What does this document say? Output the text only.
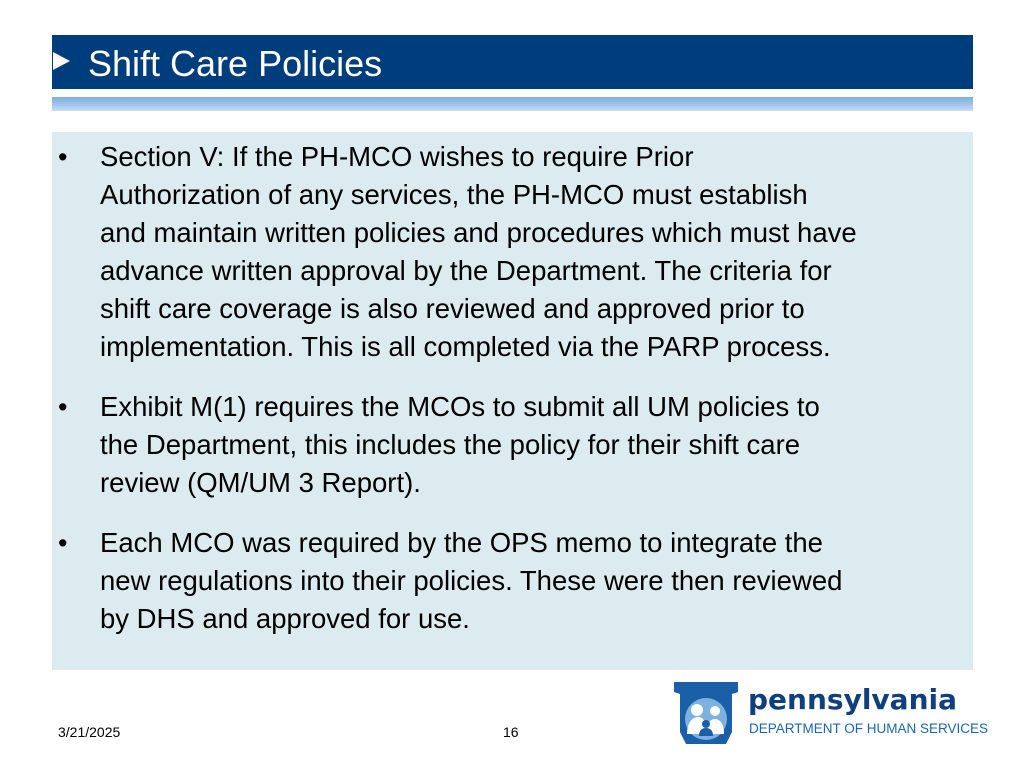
Shift Care Policies
• Section V: If the PH-MCO wishes to require Prior
Authorization of any services, the PH-MCO must establish
and maintain written policies and procedures which must have
advance written approval by the Department. The criteria for
shift care coverage is also reviewed and approved prior to
implementation. This is all completed via the PARP process.
• Exhibit M(1) requires the MCOs to submit all UM policies to
the Department, this includes the policy for their shift care
review (QM/UM 3 Report).
• Each MCO was required by the OPS memo to integrate the
new regulations into their policies. These were then reviewed
by DHS and approved for use.
3/21/2025	16
pennsylvania
DEPARTMENT OF HUMAN SERVICES
